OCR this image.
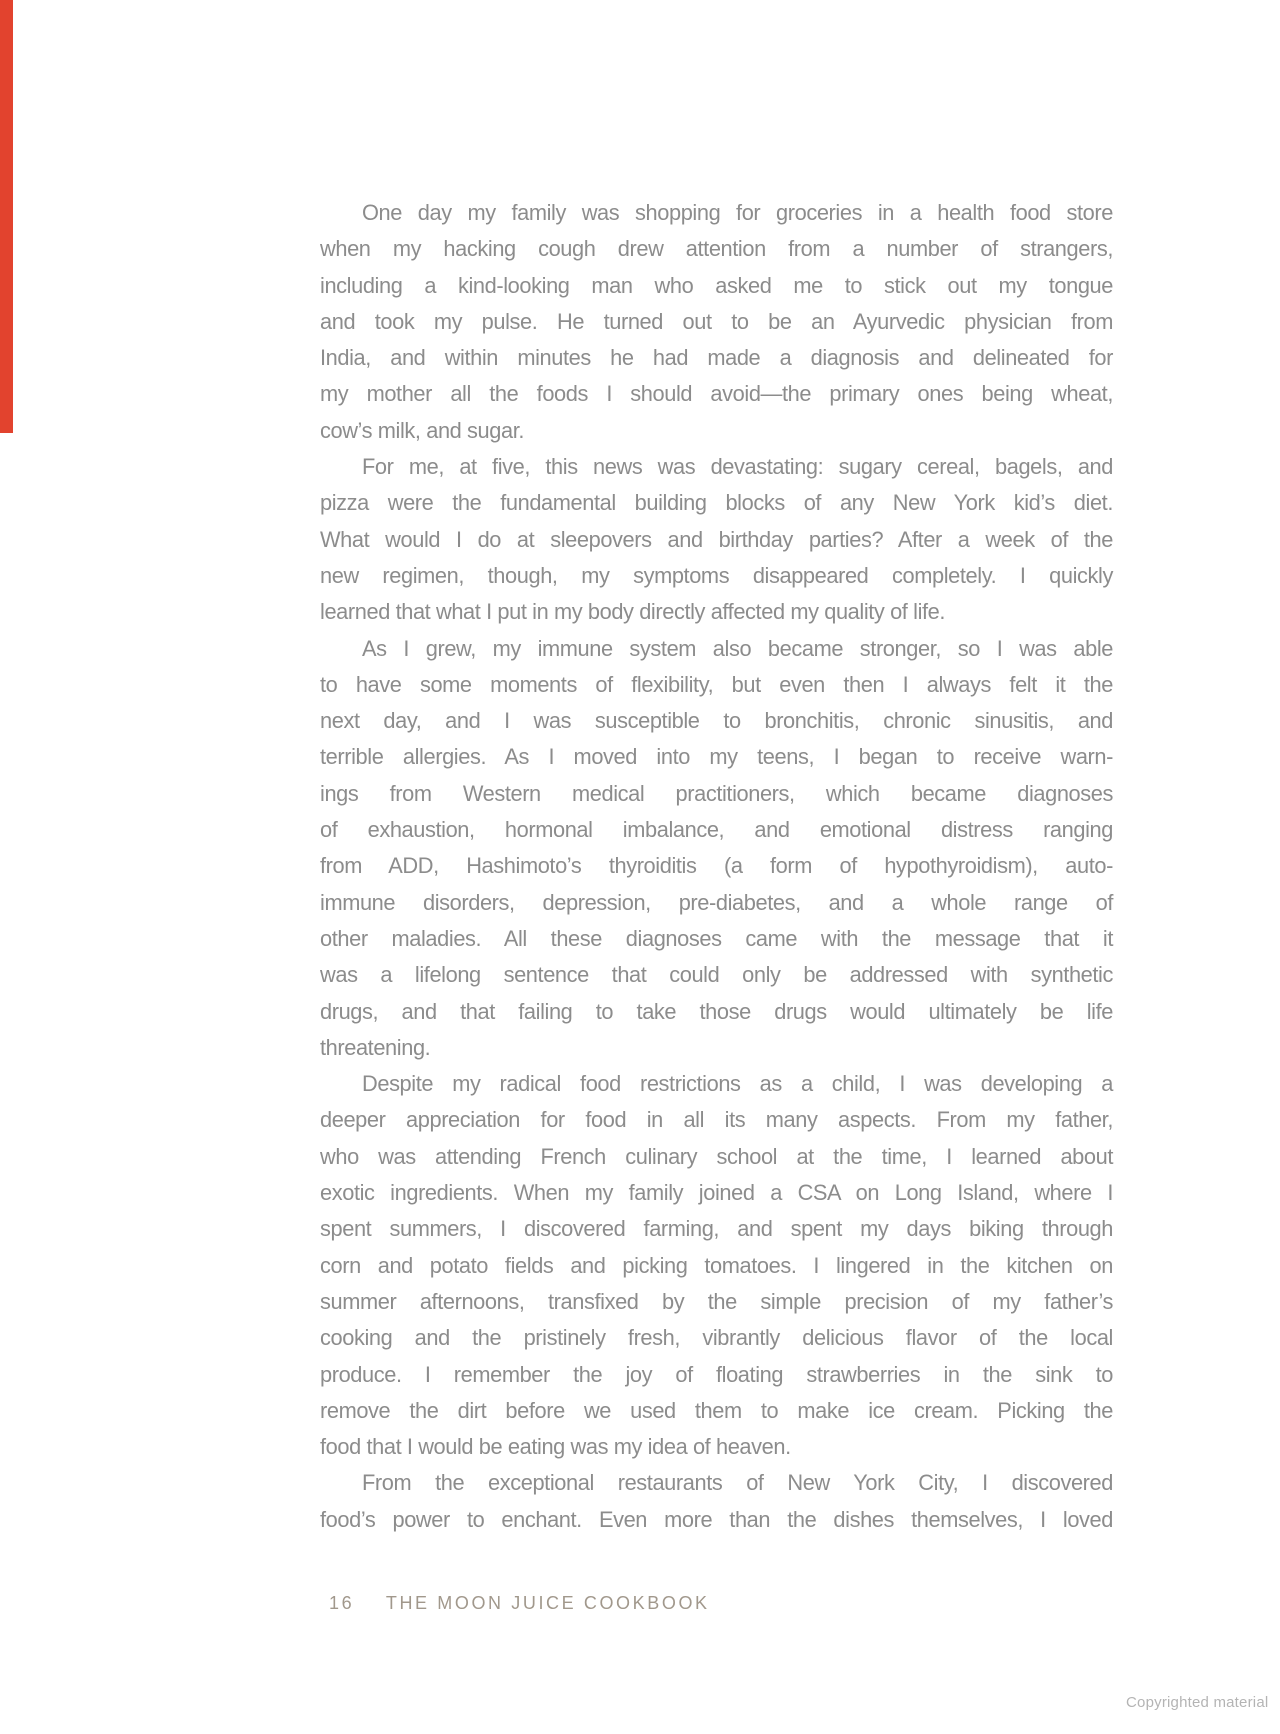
One day my family was shopping for groceries in a health food store
when my hacking cough drew attention from a number of strangers,
including a kind-looking man who asked me to stick out my tongue
and took my pulse. He turned out to be an Ayurvedic physician from
India, and within minutes he had made a diagnosis and delineated for
my mother all the foods I should avoid—the primary ones being wheat,
cow’s milk, and sugar.
For me, at five, this news was devastating: sugary cereal, bagels, and
pizza were the fundamental building blocks of any New York kid’s diet.
What would I do at sleepovers and birthday parties? After a week of the
new regimen, though, my symptoms disappeared completely. I quickly
learned that what I put in my body directly affected my quality of life.
As I grew, my immune system also became stronger, so I was able
to have some moments of flexibility, but even then I always felt it the
next day, and I was susceptible to bronchitis, chronic sinusitis, and
terrible allergies. As I moved into my teens, I began to receive warn-
ings from Western medical practitioners, which became diagnoses
of exhaustion, hormonal imbalance, and emotional distress ranging
from ADD, Hashimoto’s thyroiditis (a form of hypothyroidism), auto-
immune disorders, depression, pre-diabetes, and a whole range of
other maladies. All these diagnoses came with the message that it
was a lifelong sentence that could only be addressed with synthetic
drugs, and that failing to take those drugs would ultimately be life
threatening.
Despite my radical food restrictions as a child, I was developing a
deeper appreciation for food in all its many aspects. From my father,
who was attending French culinary school at the time, I learned about
exotic ingredients. When my family joined a CSA on Long Island, where I
spent summers, I discovered farming, and spent my days biking through
corn and potato fields and picking tomatoes. I lingered in the kitchen on
summer afternoons, transfixed by the simple precision of my father’s
cooking and the pristinely fresh, vibrantly delicious flavor of the local
produce. I remember the joy of floating strawberries in the sink to
remove the dirt before we used them to make ice cream. Picking the
food that I would be eating was my idea of heaven.
From the exceptional restaurants of New York City, I discovered
food’s power to enchant. Even more than the dishes themselves, I loved
16 THE MOON JUICE COOKBOOK
Copyrighted material
